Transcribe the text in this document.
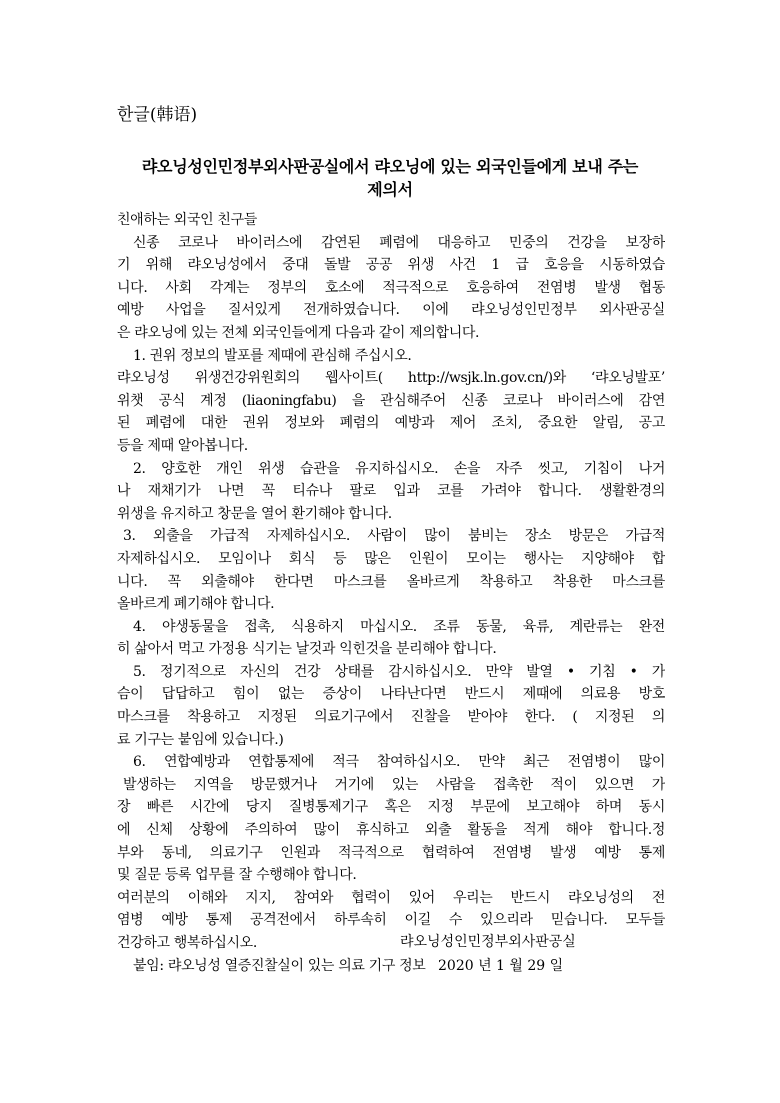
한글(韩语)
랴오닝성인민정부외사판공실에서 랴오닝에 있는 외국인들에게 보내 주는
제의서
친애하는 외국인 친구들
신종 코로나 바이러스에 감연된 폐렴에 대응하고 민중의 건강을 보장하
기 위해 랴오닝성에서 중대 돌발 공공 위생 사건 1 급 호응을 시동하였습
니다. 사회 각계는 정부의 호소에 적극적으로 호응하여 전염병 발생 협동
예방 사업을 질서있게 전개하였습니다. 이에 랴오닝성인민정부 외사판공실
은 랴오닝에 있는 전체 외국인들에게 다음과 같이 제의합니다.
1. 권위 정보의 발포를 제때에 관심해 주십시오.
랴오닝성 위생건강위원회의 웹사이트( http://wsjk.ln.gov.cn/)와 ‘랴오닝발포’
위챗 공식 계정 (liaoningfabu) 을 관심해주어 신종 코로나 바이러스에 감연
된 폐렴에 대한 권위 정보와 폐렴의 예방과 제어 조치, 중요한 알림, 공고
등을 제때 알아봅니다.
2. 양호한 개인 위생 습관을 유지하십시오. 손을 자주 씻고, 기침이 나거
나 재채기가 나면 꼭 티슈나 팔로 입과 코를 가려야 합니다. 생활환경의
위생을 유지하고 창문을 열어 환기해야 합니다.
3. 외출을 가급적 자제하십시오. 사람이 많이 붐비는 장소 방문은 가급적
자제하십시오. 모임이나 회식 등 많은 인원이 모이는 행사는 지양해야 합
니다. 꼭 외출해야 한다면 마스크를 올바르게 착용하고 착용한 마스크를
올바르게 폐기해야 합니다.
4. 야생동물을 접촉, 식용하지 마십시오. 조류 동물, 육류, 계란류는 완전
히 삶아서 먹고 가정용 식기는 날것과 익힌것을 분리해야 합니다.
5. 정기적으로 자신의 건강 상태를 감시하십시오. 만약 발열 • 기침 • 가
슴이 답답하고 힘이 없는 증상이 나타난다면 반드시 제때에 의료용 방호
마스크를 착용하고 지정된 의료기구에서 진찰을 받아야 한다. ( 지정된 의
료 기구는 붙임에 있습니다.)
6. 연합예방과 연합통제에 적극 참여하십시오. 만약 최근 전염병이 많이
발생하는 지역을 방문했거나 거기에 있는 사람을 접촉한 적이 있으면 가
장 빠른 시간에 당지 질병통제기구 혹은 지정 부문에 보고해야 하며 동시
에 신체 상황에 주의하여 많이 휴식하고 외출 활동을 적게 해야 합니다.정
부와 동네, 의료기구 인원과 적극적으로 협력하여 전염병 발생 예방 통제
및 질문 등록 업무를 잘 수행해야 합니다.
여러분의 이해와 지지, 참여와 협력이 있어 우리는 반드시 랴오닝성의 전
염병 예방 통제 공격전에서 하루속히 이길 수 있으리라 믿습니다. 모두들
건강하고 행복하십시오.
붙임: 랴오닝성 열증진찰실이 있는 의료 기구 정보
랴오닝성인민정부외사판공실
2020 년 1 월 29 일
